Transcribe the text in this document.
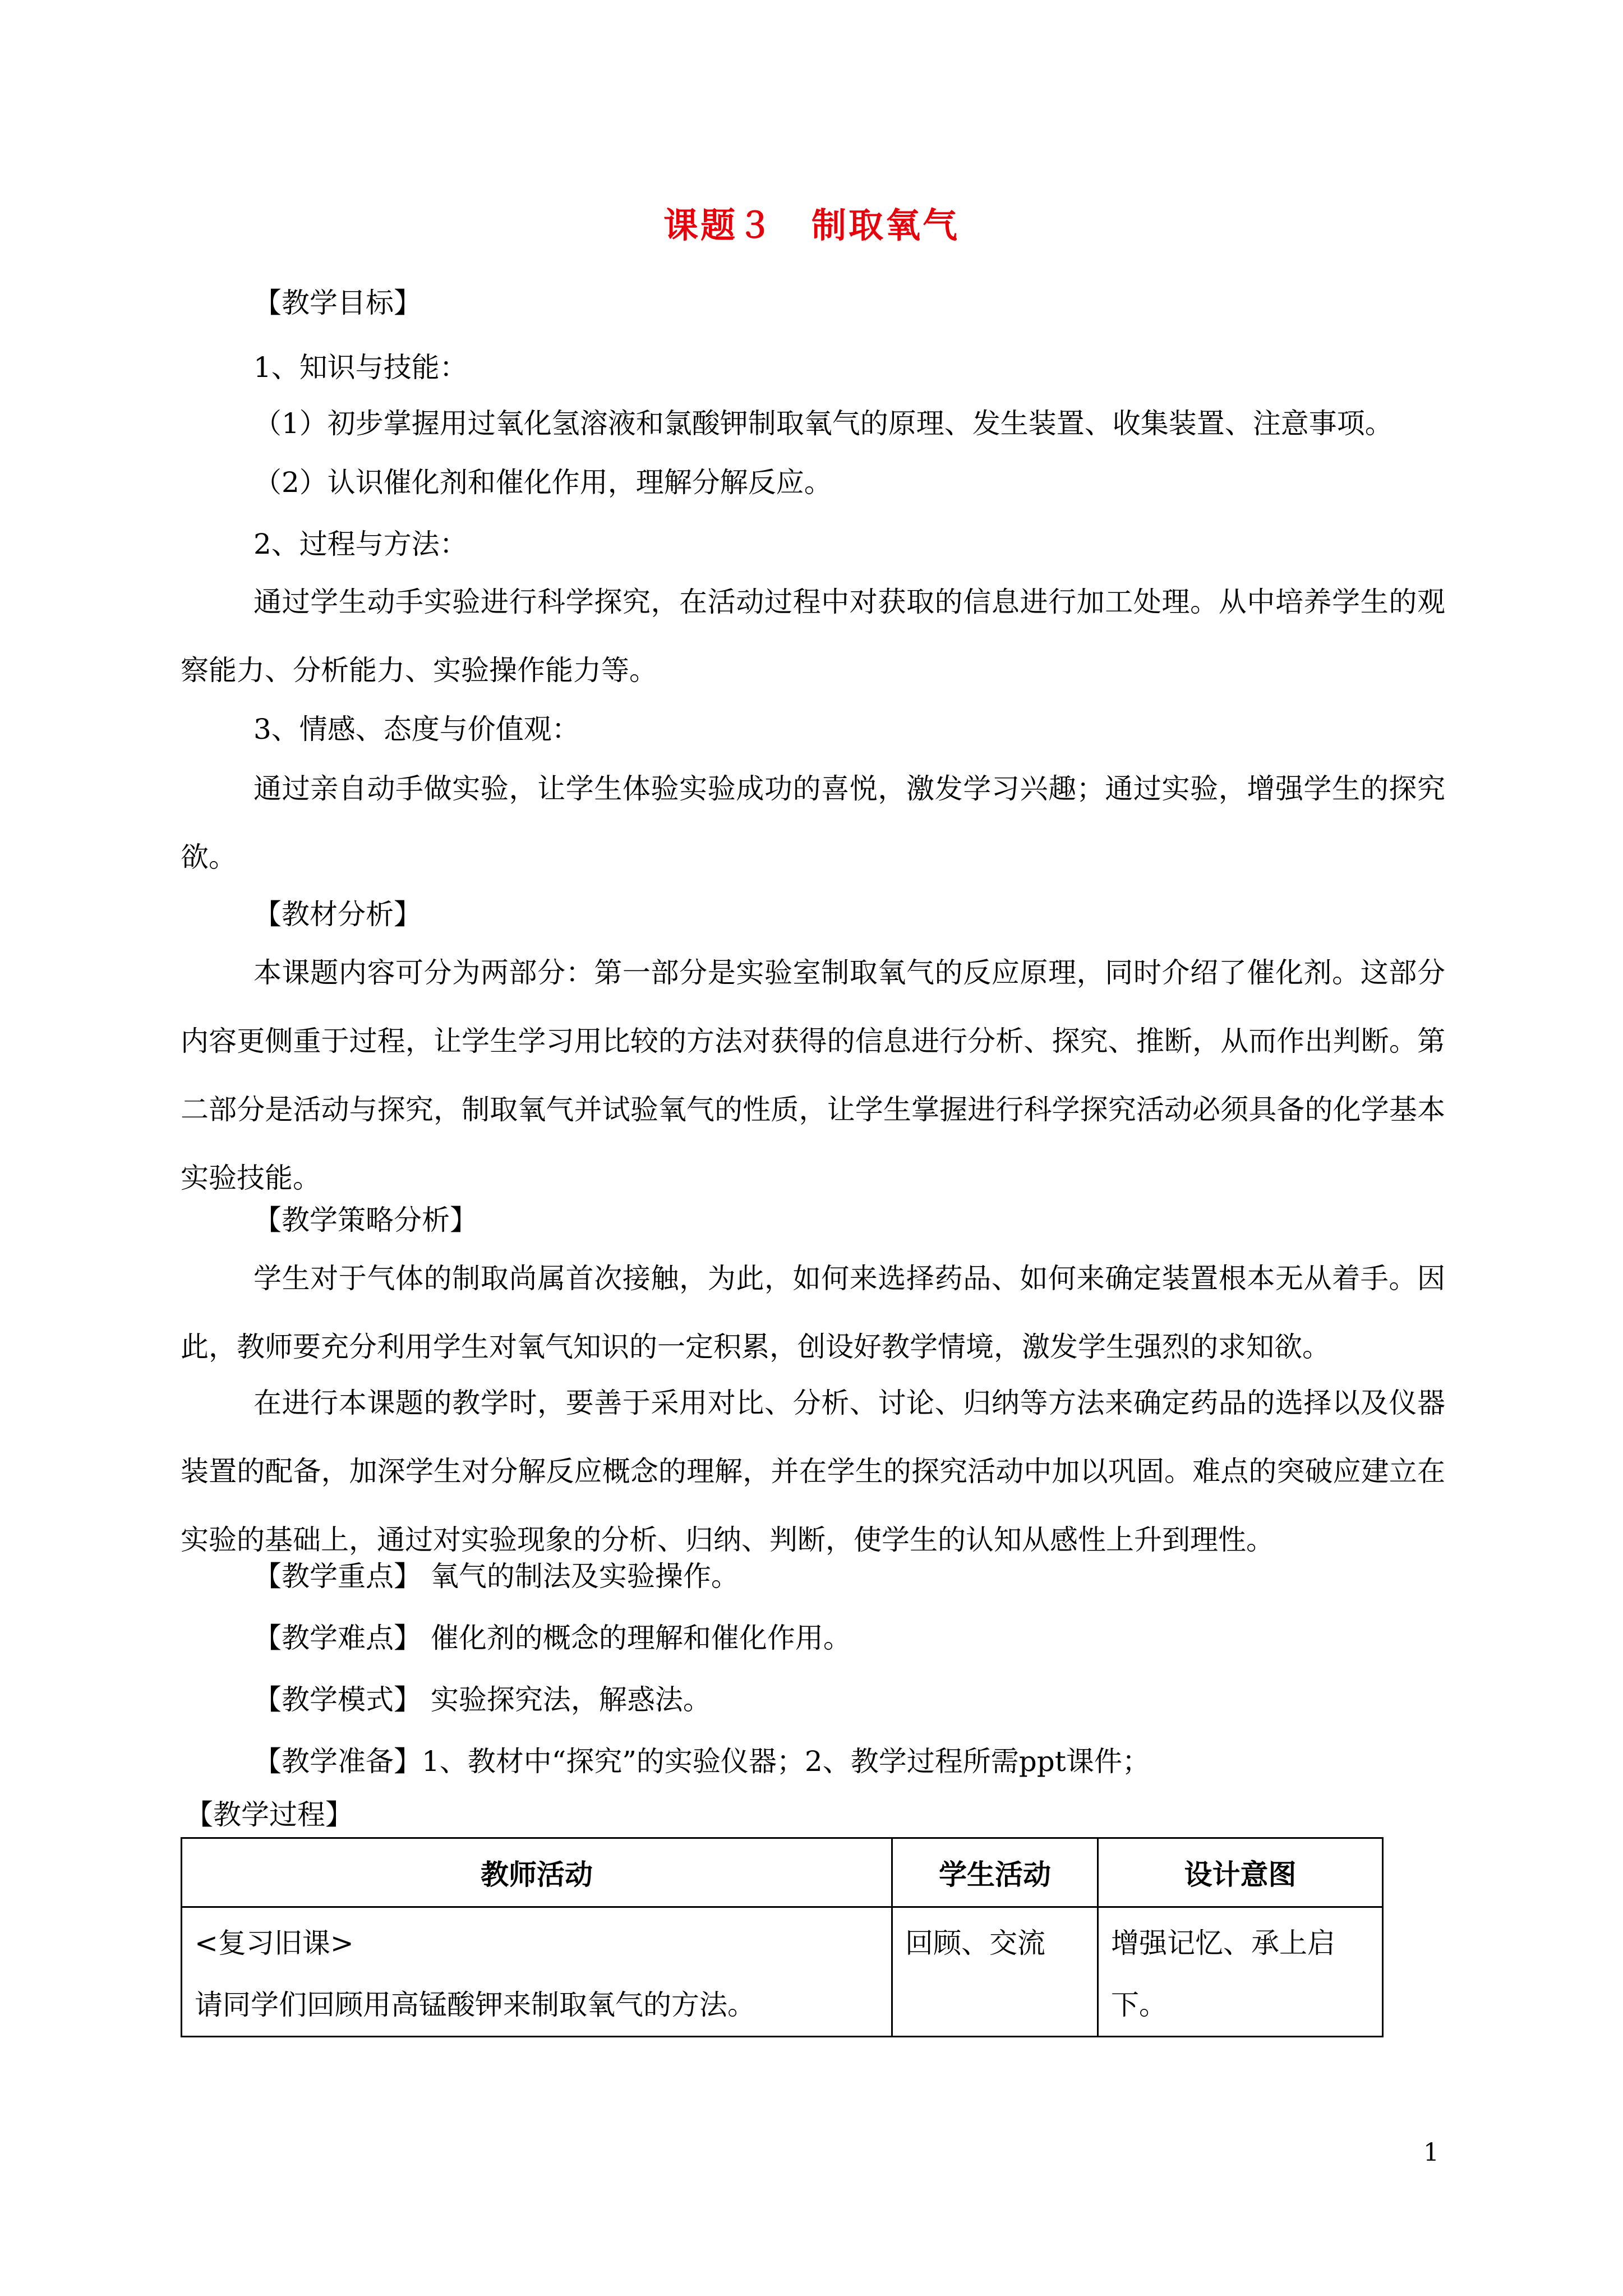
课题３　制取氧气
【教学目标】
1、知识与技能：
（1）初步掌握用过氧化氢溶液和氯酸钾制取氧气的原理、发生装置、收集装置、注意事项。
（2）认识催化剂和催化作用，理解分解反应。
2、过程与方法：
通过学生动手实验进行科学探究，在活动过程中对获取的信息进行加工处理。从中培养学生的观察能力、分析能力、实验操作能力等。
3、情感、态度与价值观：
通过亲自动手做实验，让学生体验实验成功的喜悦，激发学习兴趣；通过实验，增强学生的探究欲。
【教材分析】
本课题内容可分为两部分：第一部分是实验室制取氧气的反应原理，同时介绍了催化剂。这部分内容更侧重于过程，让学生学习用比较的方法对获得的信息进行分析、探究、推断，从而作出判断。第二部分是活动与探究，制取氧气并试验氧气的性质，让学生掌握进行科学探究活动必须具备的化学基本实验技能。
【教学策略分析】
学生对于气体的制取尚属首次接触，为此，如何来选择药品、如何来确定装置根本无从着手。因此，教师要充分利用学生对氧气知识的一定积累，创设好教学情境，激发学生强烈的求知欲。
在进行本课题的教学时，要善于采用对比、分析、讨论、归纳等方法来确定药品的选择以及仪器装置的配备，加深学生对分解反应概念的理解，并在学生的探究活动中加以巩固。难点的突破应建立在实验的基础上，通过对实验现象的分析、归纳、判断，使学生的认知从感性上升到理性。
【教学重点】 氧气的制法及实验操作。
【教学难点】 催化剂的概念的理解和催化作用。
【教学模式】 实验探究法，解惑法。
【教学准备】1、教材中“探究”的实验仪器；2、教学过程所需ppt课件；
【教学过程】
教师活动	学生活动	设计意图

<复习旧课>
请同学们回顾用高锰酸钾来制取氧气的方法。	回顾、交流	增强记忆、承上启下。
1
